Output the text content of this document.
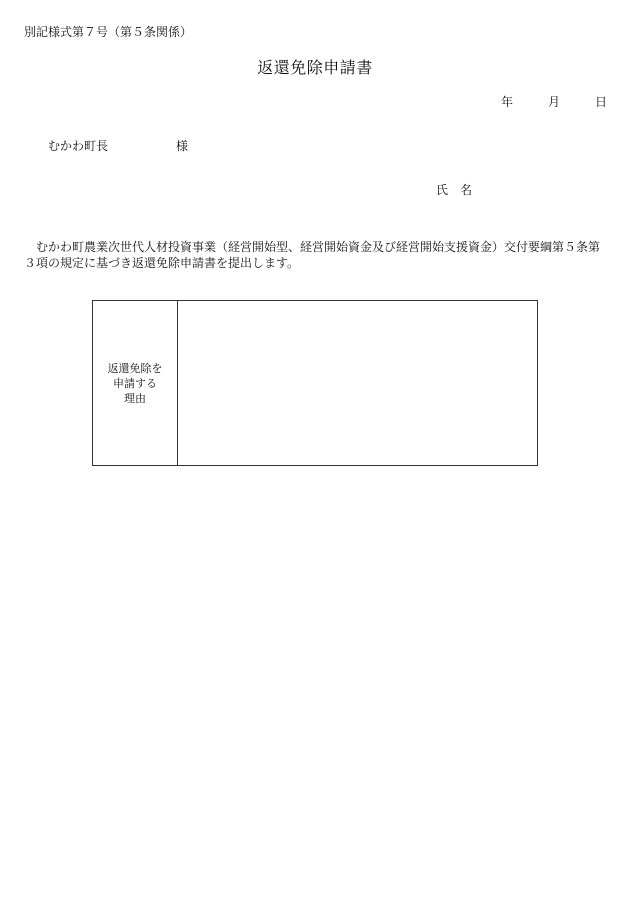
別記様式第７号（第５条関係）
返還免除申請書
年	月	日
むかわ町長	様
氏　名
むかわ町農業次世代人材投資事業（経営開始型、経営開始資金及び経営開始支援資金）交付要綱第５条第３項の規定に基づき返還免除申請書を提出します。
返還免除を
申請する
理由
